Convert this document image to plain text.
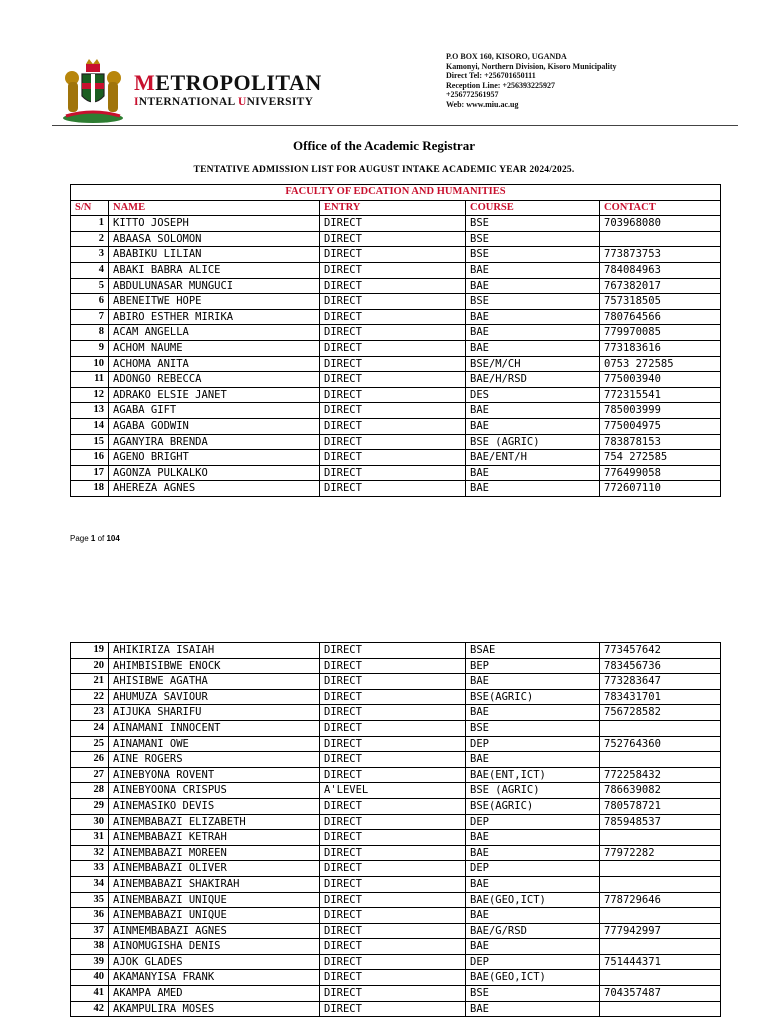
METROPOLITAN
INTERNATIONAL UNIVERSITY
P.O BOX 160, KISORO, UGANDA
Kamonyi, Northern Division, Kisoro Municipality
Direct Tel: +256701650111
Reception Line: +256393225927
+256772561957
Web: www.miu.ac.ug
Office of the Academic Registrar
TENTATIVE ADMISSION LIST FOR AUGUST INTAKE ACADEMIC YEAR 2024/2025.
FACULTY OF EDCATION AND HUMANITIES				
S/N	NAME	ENTRY	COURSE	CONTACT
1	KITTO JOSEPH	DIRECT	BSE	703968080
2	ABAASA SOLOMON	DIRECT	BSE	
3	ABABIKU LILIAN	DIRECT	BSE	773873753
4	ABAKI BABRA ALICE	DIRECT	BAE	784084963
5	ABDULUNASAR MUNGUCI	DIRECT	BAE	767382017
6	ABENEITWE HOPE	DIRECT	BSE	757318505
7	ABIRO ESTHER MIRIKA	DIRECT	BAE	780764566
8	ACAM ANGELLA	DIRECT	BAE	779970085
9	ACHOM NAUME	DIRECT	BAE	773183616
10	ACHOMA ANITA	DIRECT	BSE/M/CH	0753 272585
11	ADONGO REBECCA	DIRECT	BAE/H/RSD	775003940
12	ADRAKO ELSIE JANET	DIRECT	DES	772315541
13	AGABA GIFT	DIRECT	BAE	785003999
14	AGABA GODWIN	DIRECT	BAE	775004975
15	AGANYIRA BRENDA	DIRECT	BSE (AGRIC)	783878153
16	AGENO BRIGHT	DIRECT	BAE/ENT/H	754 272585
17	AGONZA PULKALKO	DIRECT	BAE	776499058
18	AHEREZA AGNES	DIRECT	BAE	772607110
Page 1 of 104
19	AHIKIRIZA ISAIAH	DIRECT	BSAE	773457642
20	AHIMBISIBWE ENOCK	DIRECT	BEP	783456736
21	AHISIBWE AGATHA	DIRECT	BAE	773283647
22	AHUMUZA SAVIOUR	DIRECT	BSE(AGRIC)	783431701
23	AIJUKA SHARIFU	DIRECT	BAE	756728582
24	AINAMANI INNOCENT	DIRECT	BSE	
25	AINAMANI OWE	DIRECT	DEP	752764360
26	AINE ROGERS	DIRECT	BAE	
27	AINEBYONA ROVENT	DIRECT	BAE(ENT,ICT)	772258432
28	AINEBYOONA CRISPUS	A'LEVEL	BSE (AGRIC)	786639082
29	AINEMASIKO DEVIS	DIRECT	BSE(AGRIC)	780578721
30	AINEMBABAZI ELIZABETH	DIRECT	DEP	785948537
31	AINEMBABAZI KETRAH	DIRECT	BAE	
32	AINEMBABAZI MOREEN	DIRECT	BAE	77972282
33	AINEMBABAZI OLIVER	DIRECT	DEP	
34	AINEMBABAZI SHAKIRAH	DIRECT	BAE	
35	AINEMBABAZI UNIQUE	DIRECT	BAE(GEO,ICT)	778729646
36	AINEMBABAZI UNIQUE	DIRECT	BAE	
37	AINMEMBABAZI AGNES	DIRECT	BAE/G/RSD	777942997
38	AINOMUGISHA DENIS	DIRECT	BAE	
39	AJOK GLADES	DIRECT	DEP	751444371
40	AKAMANYISA FRANK	DIRECT	BAE(GEO,ICT)	
41	AKAMPA AMED	DIRECT	BSE	704357487
42	AKAMPULIRA MOSES	DIRECT	BAE	
